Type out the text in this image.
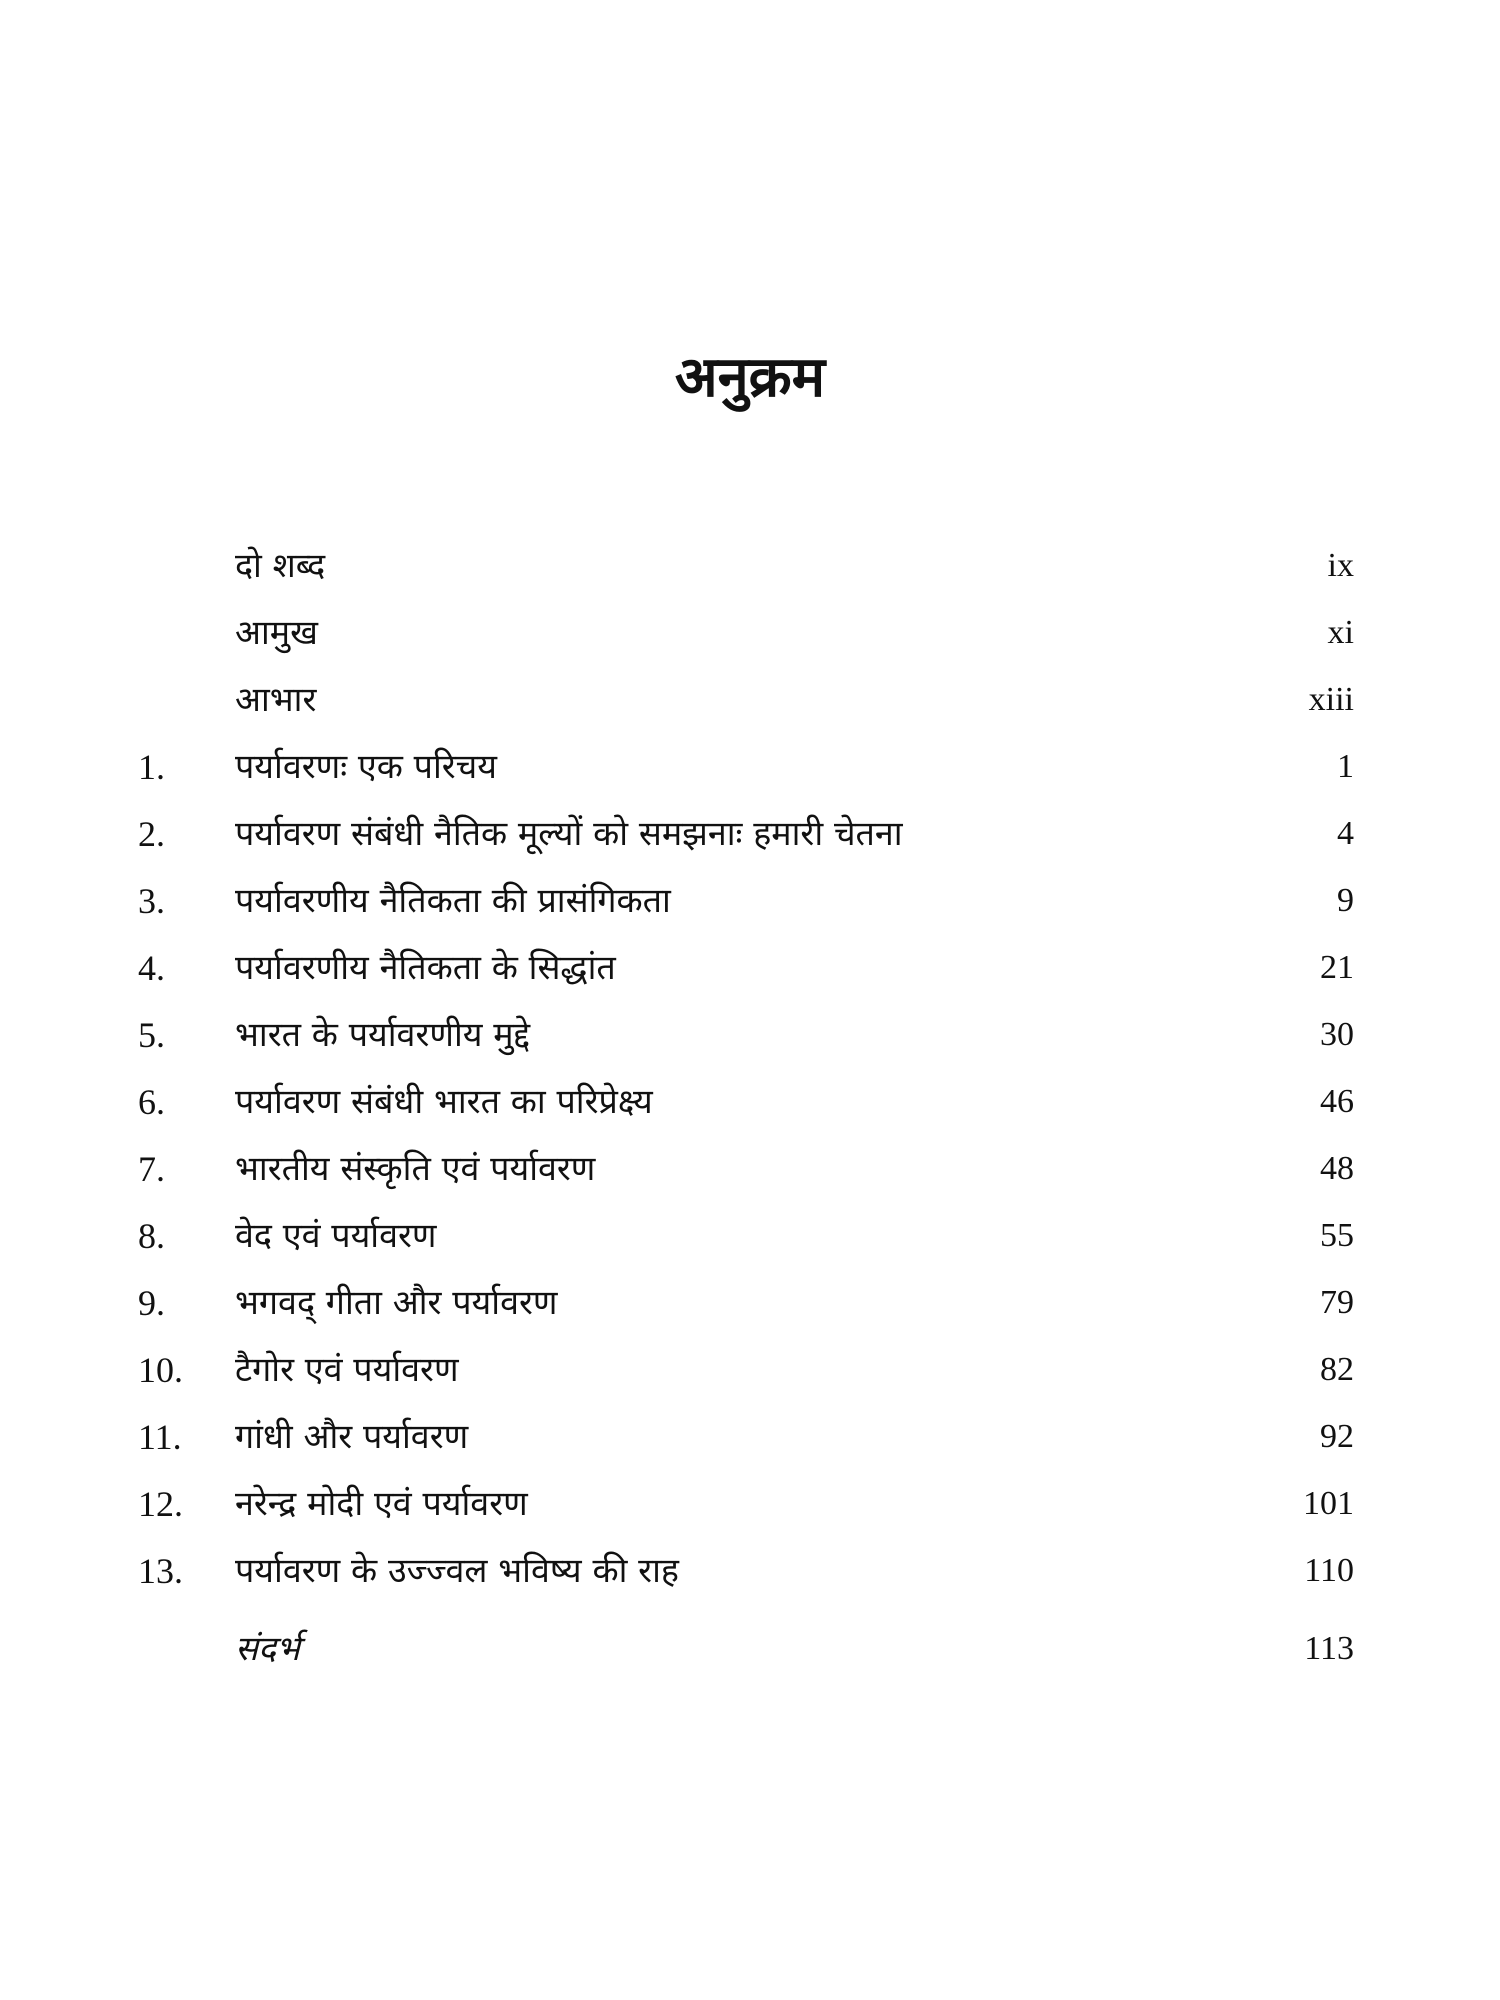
अनुक्रम
दो शब्द	ix
आमुख	xi
आभार	xiii
1. पर्यावरणः एक परिचय	1
2. पर्यावरण संबंधी नैतिक मूल्यों को समझनाः हमारी चेतना	4
3. पर्यावरणीय नैतिकता की प्रासंगिकता	9
4. पर्यावरणीय नैतिकता के सिद्धांत	21
5. भारत के पर्यावरणीय मुद्दे	30
6. पर्यावरण संबंधी भारत का परिप्रेक्ष्य	46
7. भारतीय संस्कृति एवं पर्यावरण	48
8. वेद एवं पर्यावरण	55
9. भगवद् गीता और पर्यावरण	79
10. टैगोर एवं पर्यावरण	82
11. गांधी और पर्यावरण	92
12. नरेन्द्र मोदी एवं पर्यावरण	101
13. पर्यावरण के उज्ज्वल भविष्य की राह	110
संदर्भ	113
